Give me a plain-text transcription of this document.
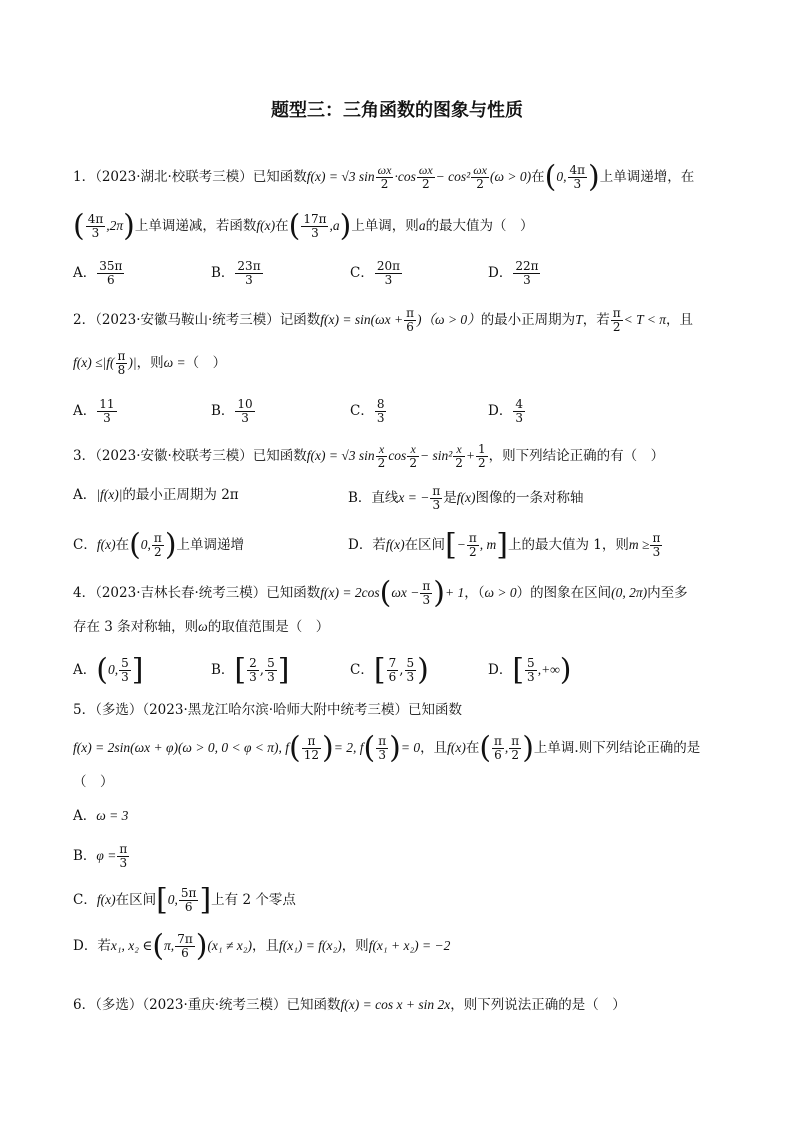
题型三：三角函数的图象与性质
1．（2023·湖北·校联考三模）已知函数f(x) = √3 $\sin \frac{\omega x}{2} \cdot\cos \frac{\omega x}{2} - \cos^2 \frac{\omega x}{2} (\omega > 0)$在(0, $\frac{4\pi}{3}$ )上单调递增，在
( $\frac{4\pi}{3} ,2\pi$)上单调递减，若函数f(x)在( $\frac{17\pi}{3} ,a$)上单调，则a的最大值为（　）
A． $\frac{35\pi}{6}$	B． $\frac{23\pi}{3}$	C． $\frac{20\pi}{3}$	D． $\frac{22\pi}{3}$
2．（2023·安徽马鞍山·统考三模）记函数$f(x) = \sin(\omega x + \frac{\pi}{6} )(\omega > 0)$的最小正周期为T，若 $\frac{\pi}{2} < T < \pi$，且
$f(x) \le|f( \frac{\pi}{8}$ )|，则ω =（　）
A． $\frac{11}{3}$	B． $\frac{10}{3}$	C． $\frac{8}{3}$	D． $\frac{4}{3}$
3．（2023·安徽·校联考三模）已知函数f(x) = √3 $\sin \frac{x}{2}$ $\cos \frac{x}{2} - \sin^2 \frac{x}{2} + \frac{1}{2}$ ，则下列结论正确的有（　）
A．|f(x)|的最小正周期为 2π	B．直线x = − $\frac{\pi}{3}$ 是f(x)图像的一条对称轴
C．f(x)在(0, $\frac{\pi}{2}$ )上单调递增	D．若f(x)在区间[− $\frac{\pi}{2}$ , m]上的最大值为 1，则$m \ge \frac{\pi}{3}$
4．（2023·吉林长春·统考三模）已知函数$f(x) = 2\cos(\omega x - \frac{\pi}{3}$ )+ 1，（ω > 0）的图象在区间(0, 2π)内至多
存在 3 条对称轴，则ω的取值范围是（　）
A．(0, $\frac{5}{3}$ ]	B．[ $\frac{2}{3}$ , $\frac{5}{3}$ ]	C．[ $\frac{7}{6}$ , $\frac{5}{3}$ )	D．[ $\frac{5}{3}$ ,+∞)
5．（多选）（2023·黑龙江哈尔滨·哈师大附中统考三模）已知函数
f(x) = 2sin(ωx + φ)(ω > 0, 0 < φ < π), $f( \frac{\pi}{12}$ )= 2, $f( \frac{\pi}{3}$ )= 0，且f(x)在( $\frac{\pi}{6}$ , $\frac{\pi}{2}$ )上单调.则下列结论正确的是
（　）
A．ω = 3
B．$\varphi = \frac{\pi}{3}$
C．f(x)在区间[0, $\frac{5\pi}{6}$ ]上有 2 个零点
D．若x₁, x₂ ∈(π, $\frac{7\pi}{6} )(x_1 \ne x_2)$，且f(x₁) = f(x₂)，则f(x₁ + x₂) = −2
6．（多选）（2023·重庆·统考三模）已知函数f(x) = cos x + sin 2x，则下列说法正确的是（　）
